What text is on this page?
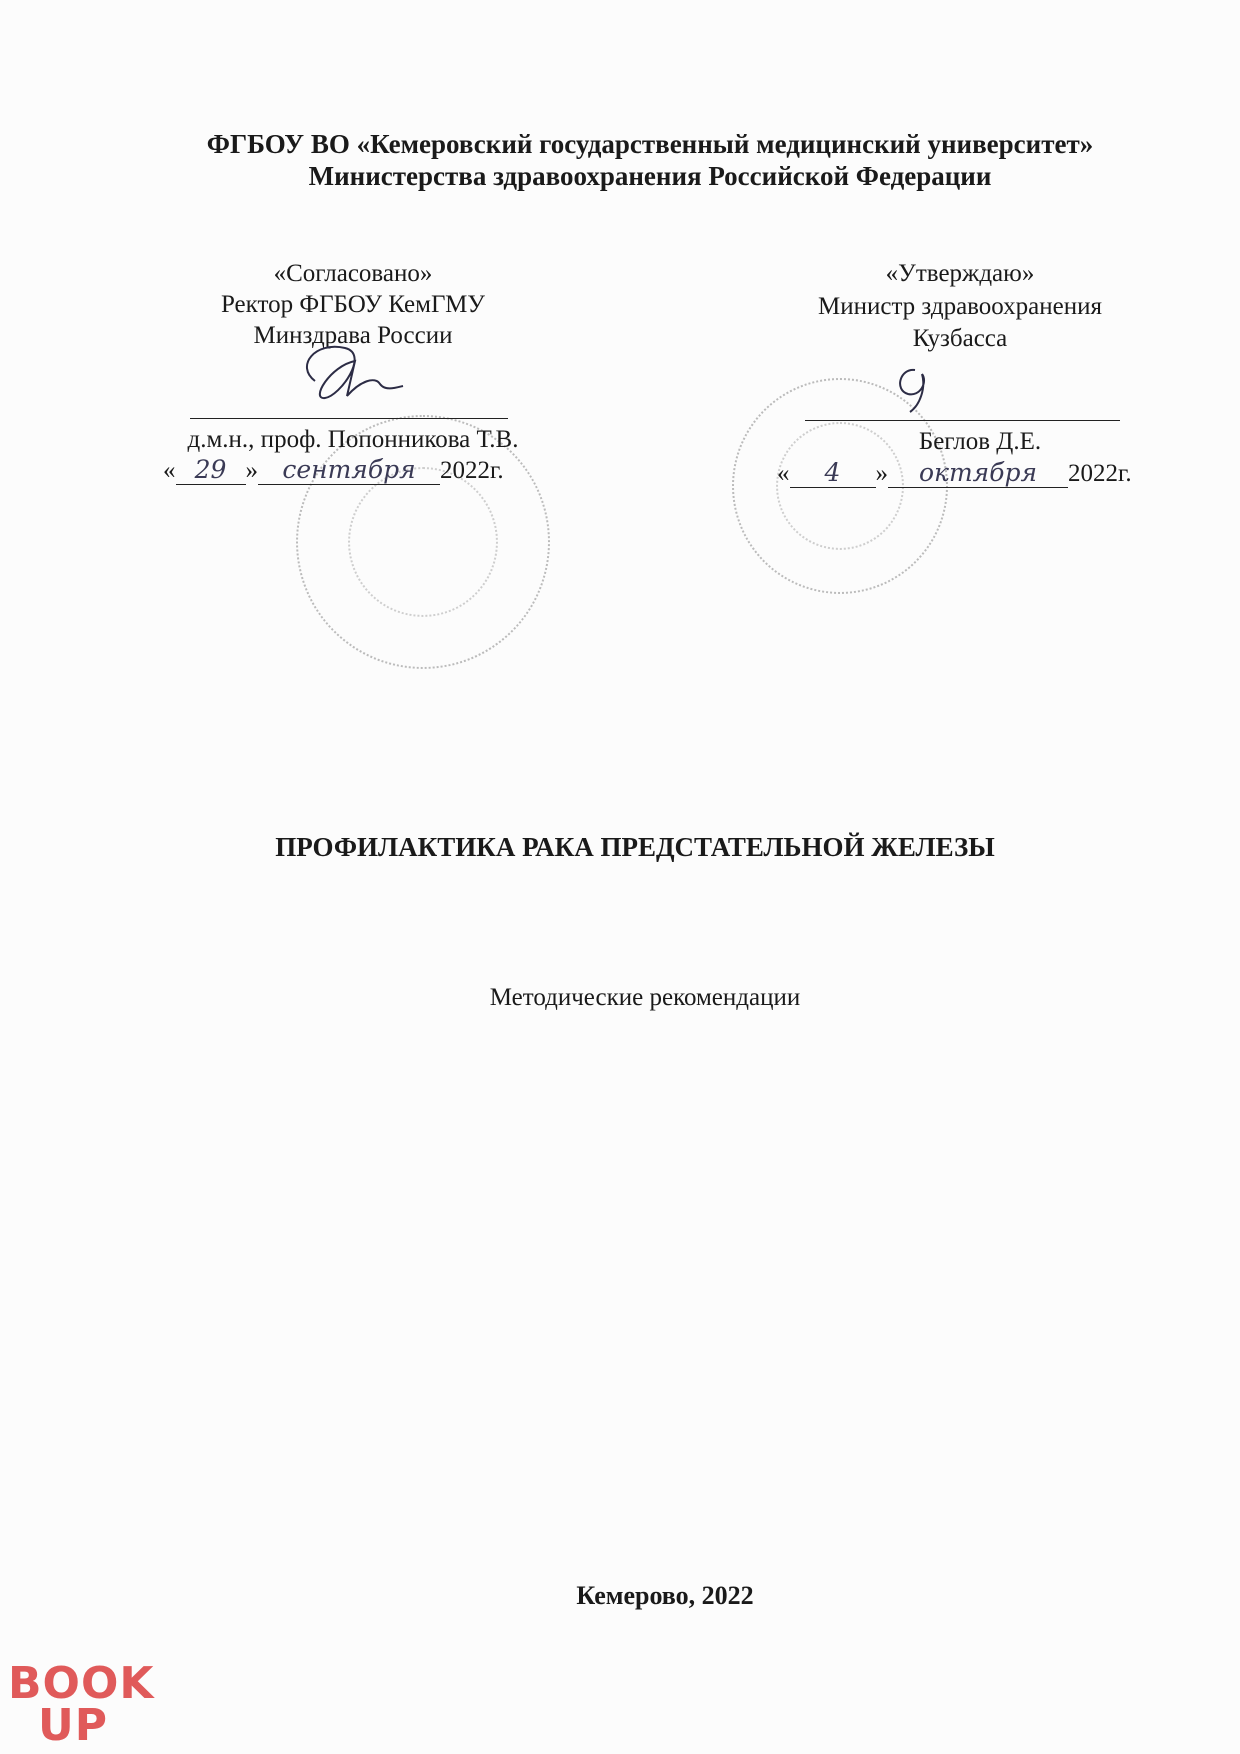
ФГБОУ ВО «Кемеровский государственный медицинский университет»
Министерства здравоохранения Российской Федерации
«Согласовано»
Ректор ФГБОУ КемГМУ
Минздрава России
д.м.н., проф. Попонникова Т.В.
« 29 » сентября 2022г.
«Утверждаю»
Министр здравоохранения
Кузбасса
Беглов Д.Е.
« 4 » октября 2022г.
ПРОФИЛАКТИКА РАКА ПРЕДСТАТЕЛЬНОЙ ЖЕЛЕЗЫ
Методические рекомендации
Кемерово, 2022
BOOK
UP
